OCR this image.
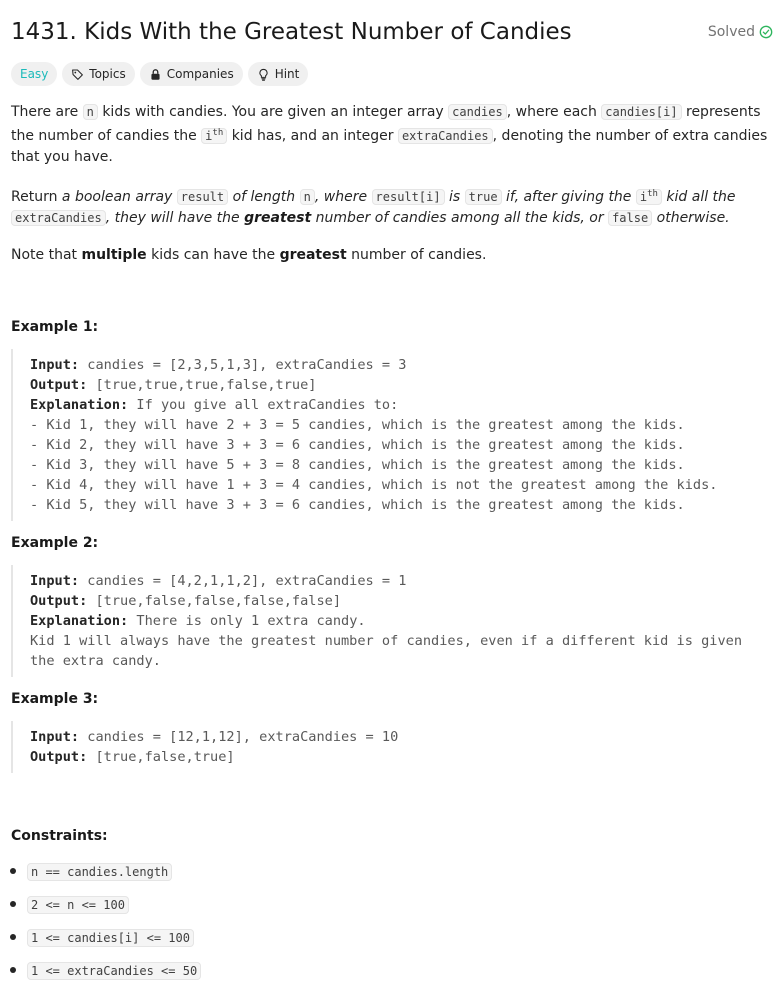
1431. Kids With the Greatest Number of Candies	Solved
Easy	Topics	Companies	Hint

There are n kids with candies. You are given an integer array candies , where each candies[i] represents the number of candies the $i^{th}$ kid has, and an integer extraCandies , denoting the number of extra candies that you have.

Return a boolean array result of length n , where result[i] is true if, after giving the $i^{th}$ kid all the extraCandies , they will have the greatest number of candies among all the kids, or false otherwise.

Note that multiple kids can have the greatest number of candies.

Example 1:

Input: candies = [2,3,5,1,3], extraCandies = 3
Output: [true,true,true,false,true]
Explanation: If you give all extraCandies to:
- Kid 1, they will have 2 + 3 = 5 candies, which is the greatest among the kids.
- Kid 2, they will have 3 + 3 = 6 candies, which is the greatest among the kids.
- Kid 3, they will have 5 + 3 = 8 candies, which is the greatest among the kids.
- Kid 4, they will have 1 + 3 = 4 candies, which is not the greatest among the kids.
- Kid 5, they will have 3 + 3 = 6 candies, which is the greatest among the kids.

Example 2:

Input: candies = [4,2,1,1,2], extraCandies = 1
Output: [true,false,false,false,false]
Explanation: There is only 1 extra candy.
Kid 1 will always have the greatest number of candies, even if a different kid is given the extra candy.

Example 3:

Input: candies = [12,1,12], extraCandies = 10
Output: [true,false,true]

Constraints:

n == candies.length
2 <= n <= 100
1 <= candies[i] <= 100
1 <= extraCandies <= 50
